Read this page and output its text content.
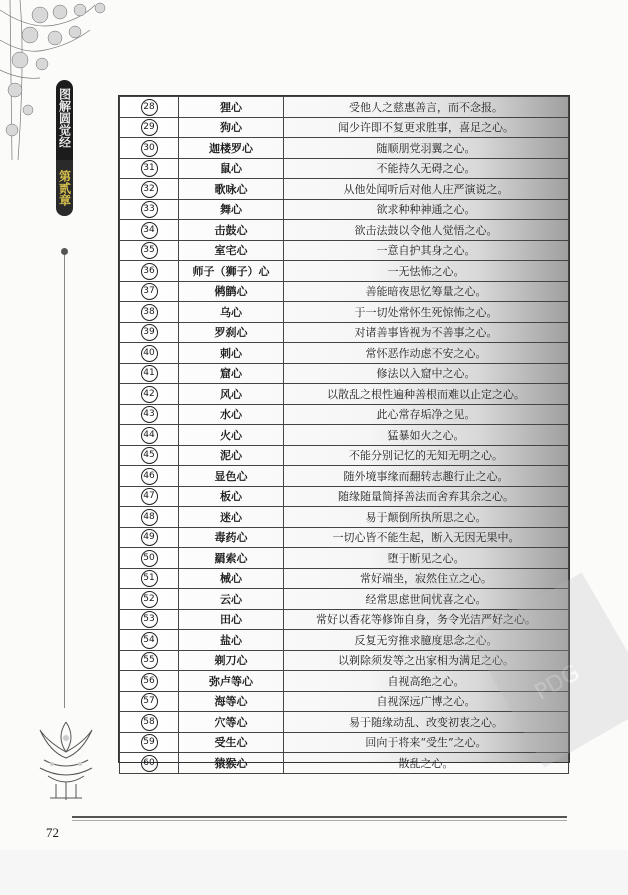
图解圆觉经
第贰章
28	狸心	受他人之慈惠善言，而不念报。
29	狗心	闻少许即不复更求胜事，喜足之心。
30	迦楼罗心	随顺朋党羽翼之心。
31	鼠心	不能持久无碍之心。
32	歌咏心	从他处闻听后对他人庄严演说之。
33	舞心	欲求种种神通之心。
34	击鼓心	欲击法鼓以令他人觉悟之心。
35	室宅心	一意自护其身之心。
36	师子（狮子）心	一无怯怖之心。
37	鸺鹠心	善能暗夜思忆筹量之心。
38	乌心	于一切处常怀生死惊怖之心。
39	罗刹心	对诸善事皆视为不善事之心。
40	刺心	常怀恶作动虑不安之心。
41	窟心	修法以入窟中之心。
42	风心	以散乱之根性遍种善根而难以止定之心。
43	水心	此心常存垢净之见。
44	火心	猛暴如火之心。
45	泥心	不能分别记忆的无知无明之心。
46	显色心	随外境事缘而翻转志趣行止之心。
47	板心	随缘随量简择善法而舍弃其余之心。
48	迷心	易于颠倒所执所思之心。
49	毒药心	一切心皆不能生起，断入无因无果中。
50	羂索心	堕于断见之心。
51	械心	常好端坐，寂然住立之心。
52	云心	经常思虑世间忧喜之心。
53	田心	常好以香花等修饰自身，务令光洁严好之心。
54	盐心	反复无穷推求臆度思念之心。
55	剃刀心	以剃除须发等之出家相为满足之心。
56	弥卢等心	自视高绝之心。
57	海等心	自视深远广博之心。
58	穴等心	易于随缘动乱、改变初衷之心。
59	受生心	回向于将来“受生”之心。
60	猿猴心	散乱之心。
PDG
72
